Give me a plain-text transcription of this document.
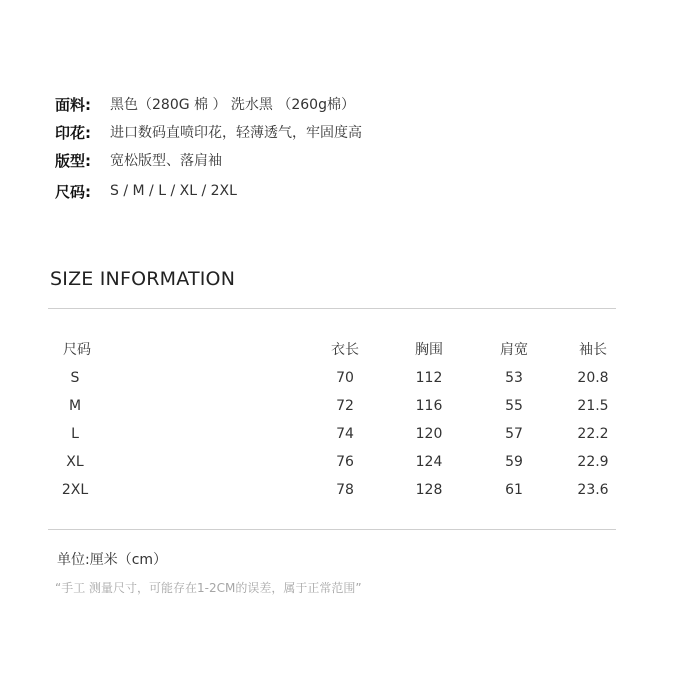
面料:	黑色（280G 棉 ） 洗水黑 （260g棉）
印花:	进口数码直喷印花，轻薄透气，牢固度高
版型:	宽松版型、落肩袖
尺码:	S / M / L / XL / 2XL
SIZE INFORMATION
尺码	衣长	胸围	肩宽	袖长
S	70	112	53	20.8
M	72	116	55	21.5
L	74	120	57	22.2
XL	76	124	59	22.9
2XL	78	128	61	23.6
单位:厘米（cm）
“手工 测量尺寸，可能存在1-2CM的误差，属于正常范围”
